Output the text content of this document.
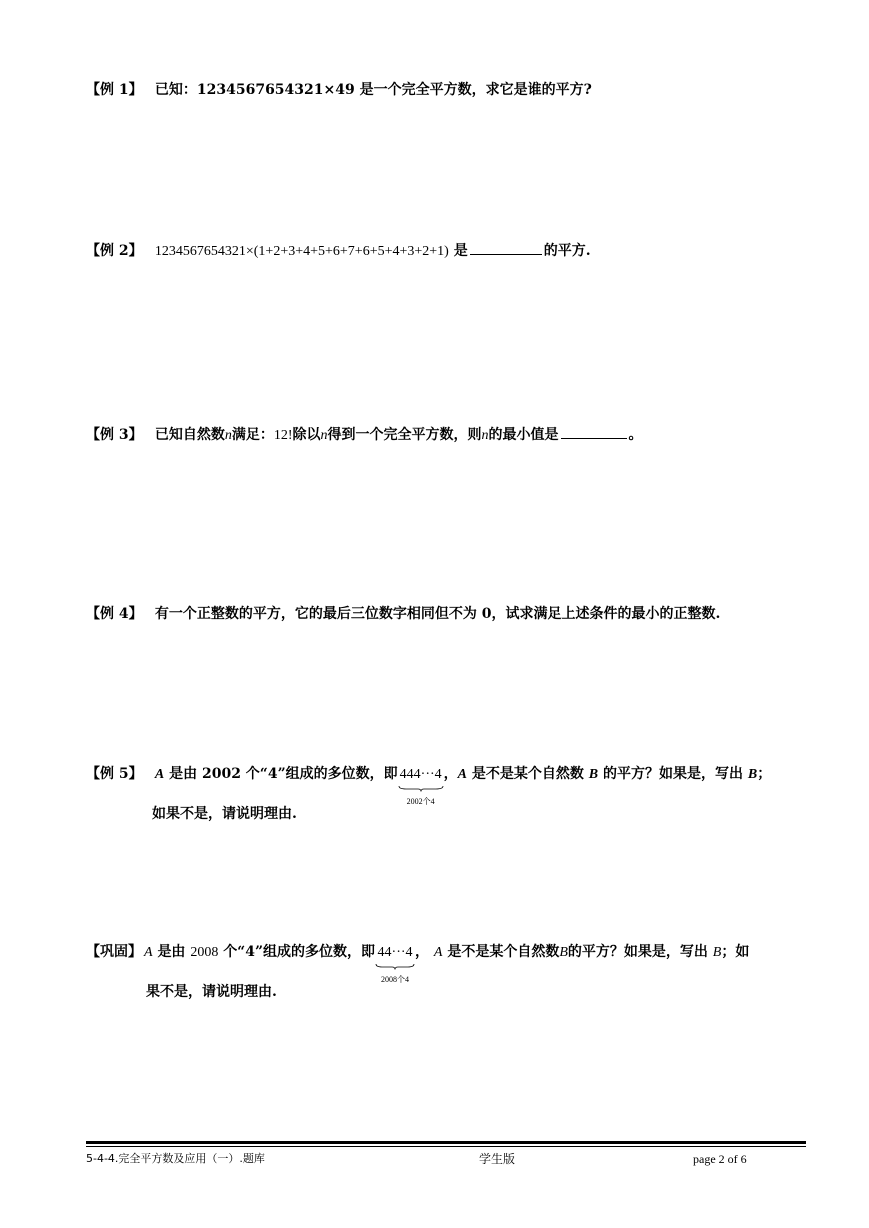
【例 1】 已知：1234567654321×49 是一个完全平方数，求它是谁的平方?
【例 2】 1234567654321×(1+2+3+4+5+6+7+6+5+4+3+2+1) 是	的平方.
【例 3】 已知自然数n满足：12!除以n得到一个完全平方数，则n的最小值是	。
【例 4】 有一个正整数的平方，它的最后三位数字相同但不为 0，试求满足上述条件的最小的正整数.
【例 5】 A 是由 2002 个“4”组成的多位数，即 444···4
2002个4
，A 是不是某个自然数 B 的平方？如果是，写出 B；
如果不是，请说明理由.
【巩固】 A 是由 2008 个“4”组成的多位数，即 44···4
2008个4
， A 是不是某个自然数B的平方？如果是，写出 B；如
果不是，请说明理由.
5-4-4.完全平方数及应用（一）.题库	学生版	page 2 of 6
